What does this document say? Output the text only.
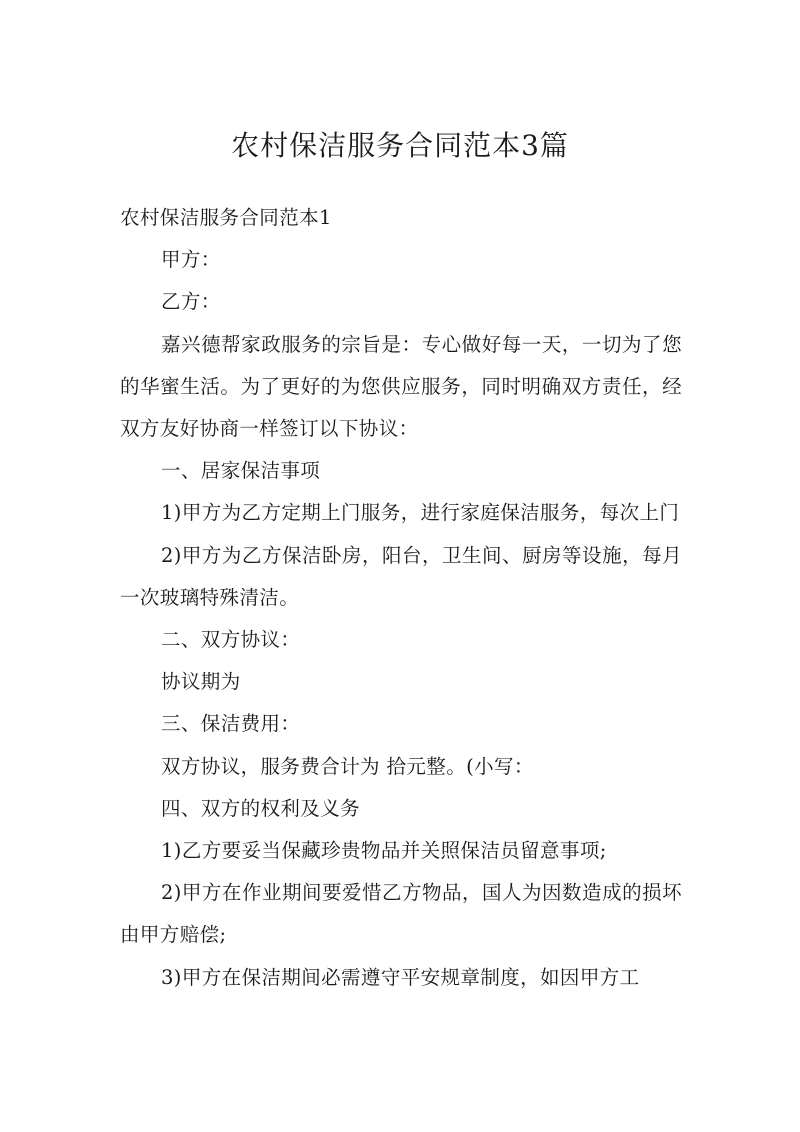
农村保洁服务合同范本3篇

农村保洁服务合同范本1

甲方：

乙方：

嘉兴德帮家政服务的宗旨是：专心做好每一天，一切为了您的华蜜生活。为了更好的为您供应服务，同时明确双方责任，经双方友好协商一样签订以下协议：

一、居家保洁事项

1)甲方为乙方定期上门服务，进行家庭保洁服务，每次上门

2)甲方为乙方保洁卧房，阳台，卫生间、厨房等设施，每月一次玻璃特殊清洁。

二、双方协议：

协议期为

三、保洁费用：

双方协议，服务费合计为 拾元整。(小写：

四、双方的权利及义务

1)乙方要妥当保藏珍贵物品并关照保洁员留意事项;

2)甲方在作业期间要爱惜乙方物品，国人为因数造成的损坏由甲方赔偿;

3)甲方在保洁期间必需遵守平安规章制度，如因甲方工
